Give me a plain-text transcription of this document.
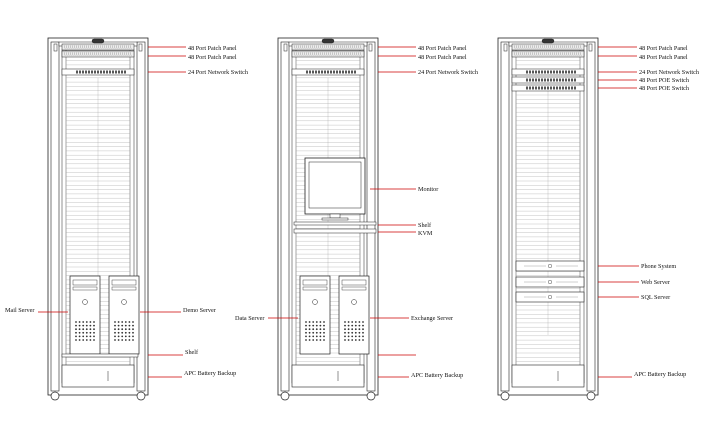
48 Port Patch Panel
48 Port Patch Panel
24 Port Network Switch
Mail Server	Demo Server
Shelf
APC Battery Backup
48 Port Patch Panel
48 Port Patch Panel
24 Port Network Switch
Monitor
Shelf
KVM
Data Server	Exchange Server
APC Battery Backup
48 Port Patch Panel
48 Port Patch Panel
24 Port Network Switch
48 Port POE Switch
48 Port POE Switch
Phone System
Web Server
SQL Server
APC Battery Backup
